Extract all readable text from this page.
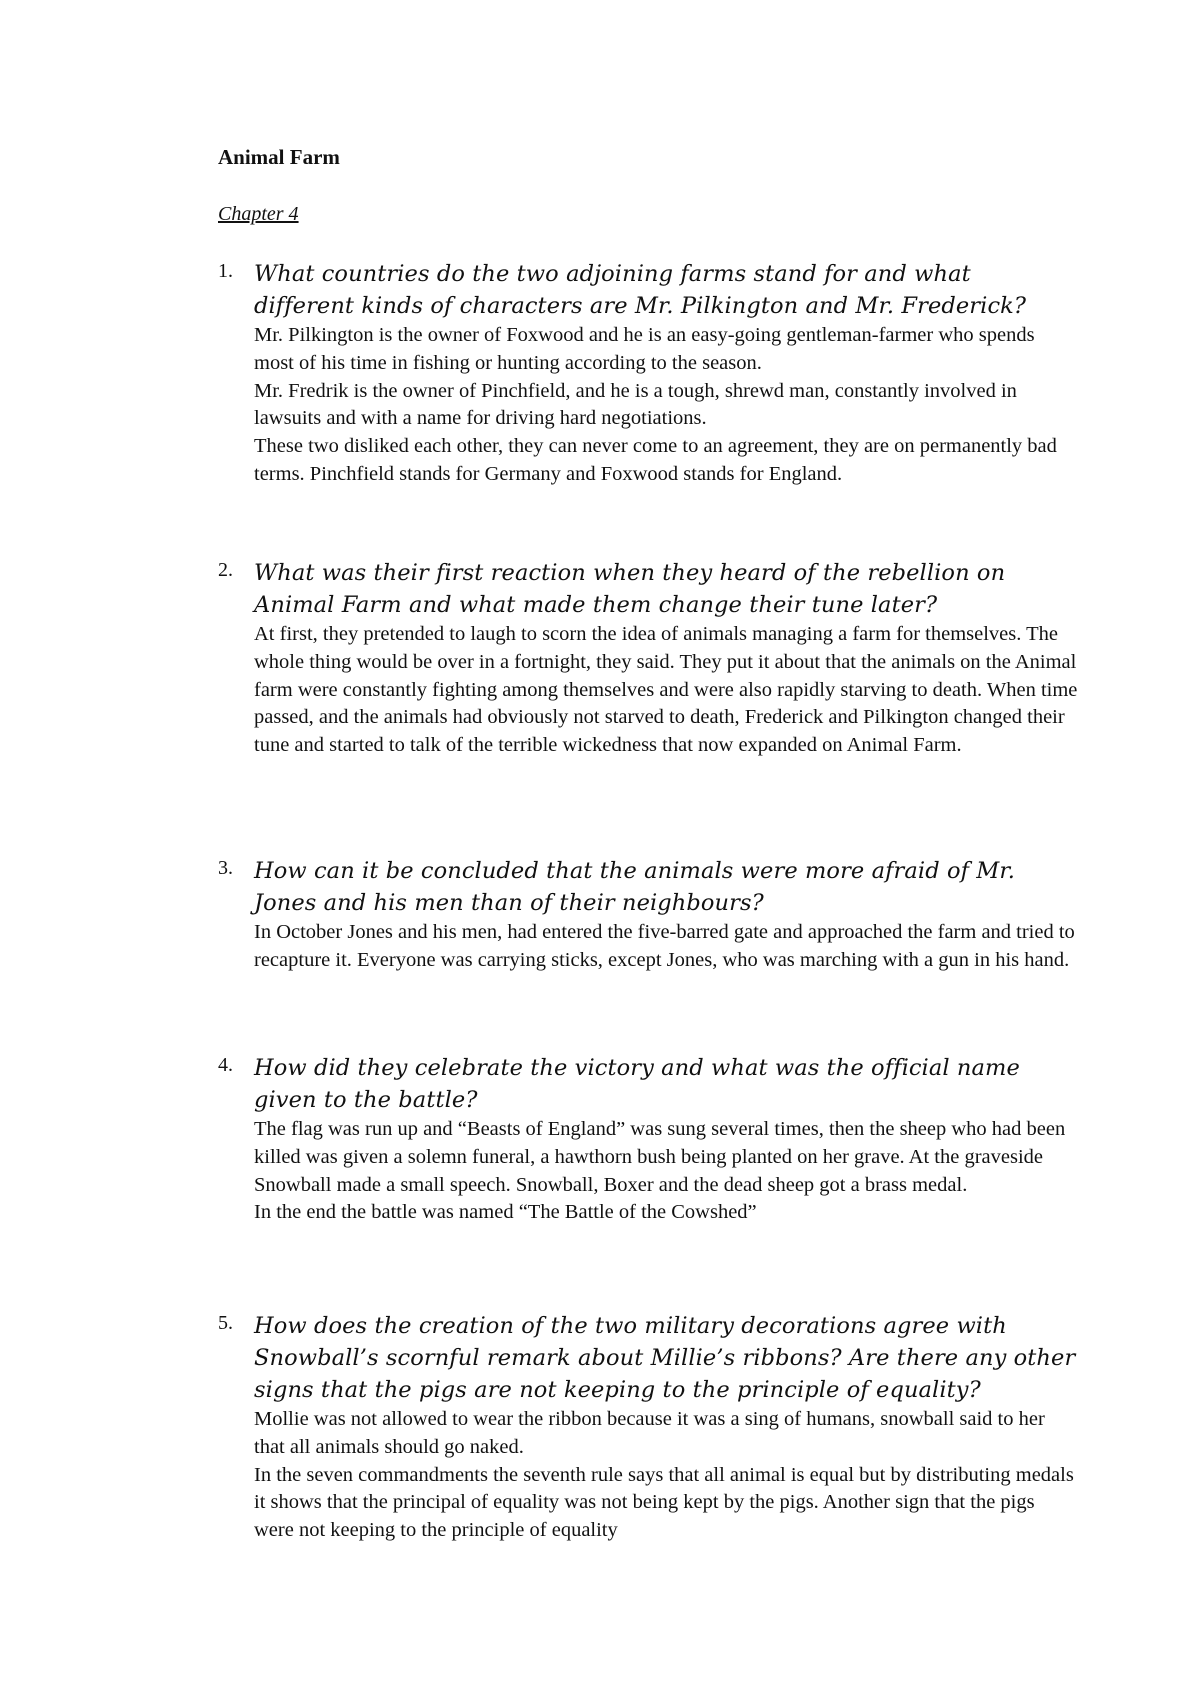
Animal Farm
Chapter 4
1. What countries do the two adjoining farms stand for and what different kinds of characters are Mr. Pilkington and Mr. Frederick?

Mr. Pilkington is the owner of Foxwood and he is an easy-going gentleman-farmer who spends most of his time in fishing or hunting according to the season.

Mr. Fredrik is the owner of Pinchfield, and he is a tough, shrewd man, constantly involved in lawsuits and with a name for driving hard negotiations.

These two disliked each other, they can never come to an agreement, they are on permanently bad terms. Pinchfield stands for Germany and Foxwood stands for England.

2. What was their first reaction when they heard of the rebellion on Animal Farm and what made them change their tune later?

At first, they pretended to laugh to scorn the idea of animals managing a farm for themselves. The whole thing would be over in a fortnight, they said. They put it about that the animals on the Animal farm were constantly fighting among themselves and were also rapidly starving to death. When time passed, and the animals had obviously not starved to death, Frederick and Pilkington changed their tune and started to talk of the terrible wickedness that now expanded on Animal Farm.

3. How can it be concluded that the animals were more afraid of Mr. Jones and his men than of their neighbours?

In October Jones and his men, had entered the five-barred gate and approached the farm and tried to recapture it. Everyone was carrying sticks, except Jones, who was marching with a gun in his hand.

4. How did they celebrate the victory and what was the official name given to the battle?

The flag was run up and “Beasts of England” was sung several times, then the sheep who had been killed was given a solemn funeral, a hawthorn bush being planted on her grave. At the graveside Snowball made a small speech. Snowball, Boxer and the dead sheep got a brass medal.

In the end the battle was named “The Battle of the Cowshed”

5. How does the creation of the two military decorations agree with Snowball’s scornful remark about Millie’s ribbons? Are there any other signs that the pigs are not keeping to the principle of equality?

Mollie was not allowed to wear the ribbon because it was a sing of humans, snowball said to her that all animals should go naked.

In the seven commandments the seventh rule says that all animal is equal but by distributing medals it shows that the principal of equality was not being kept by the pigs. Another sign that the pigs were not keeping to the principle of equality
